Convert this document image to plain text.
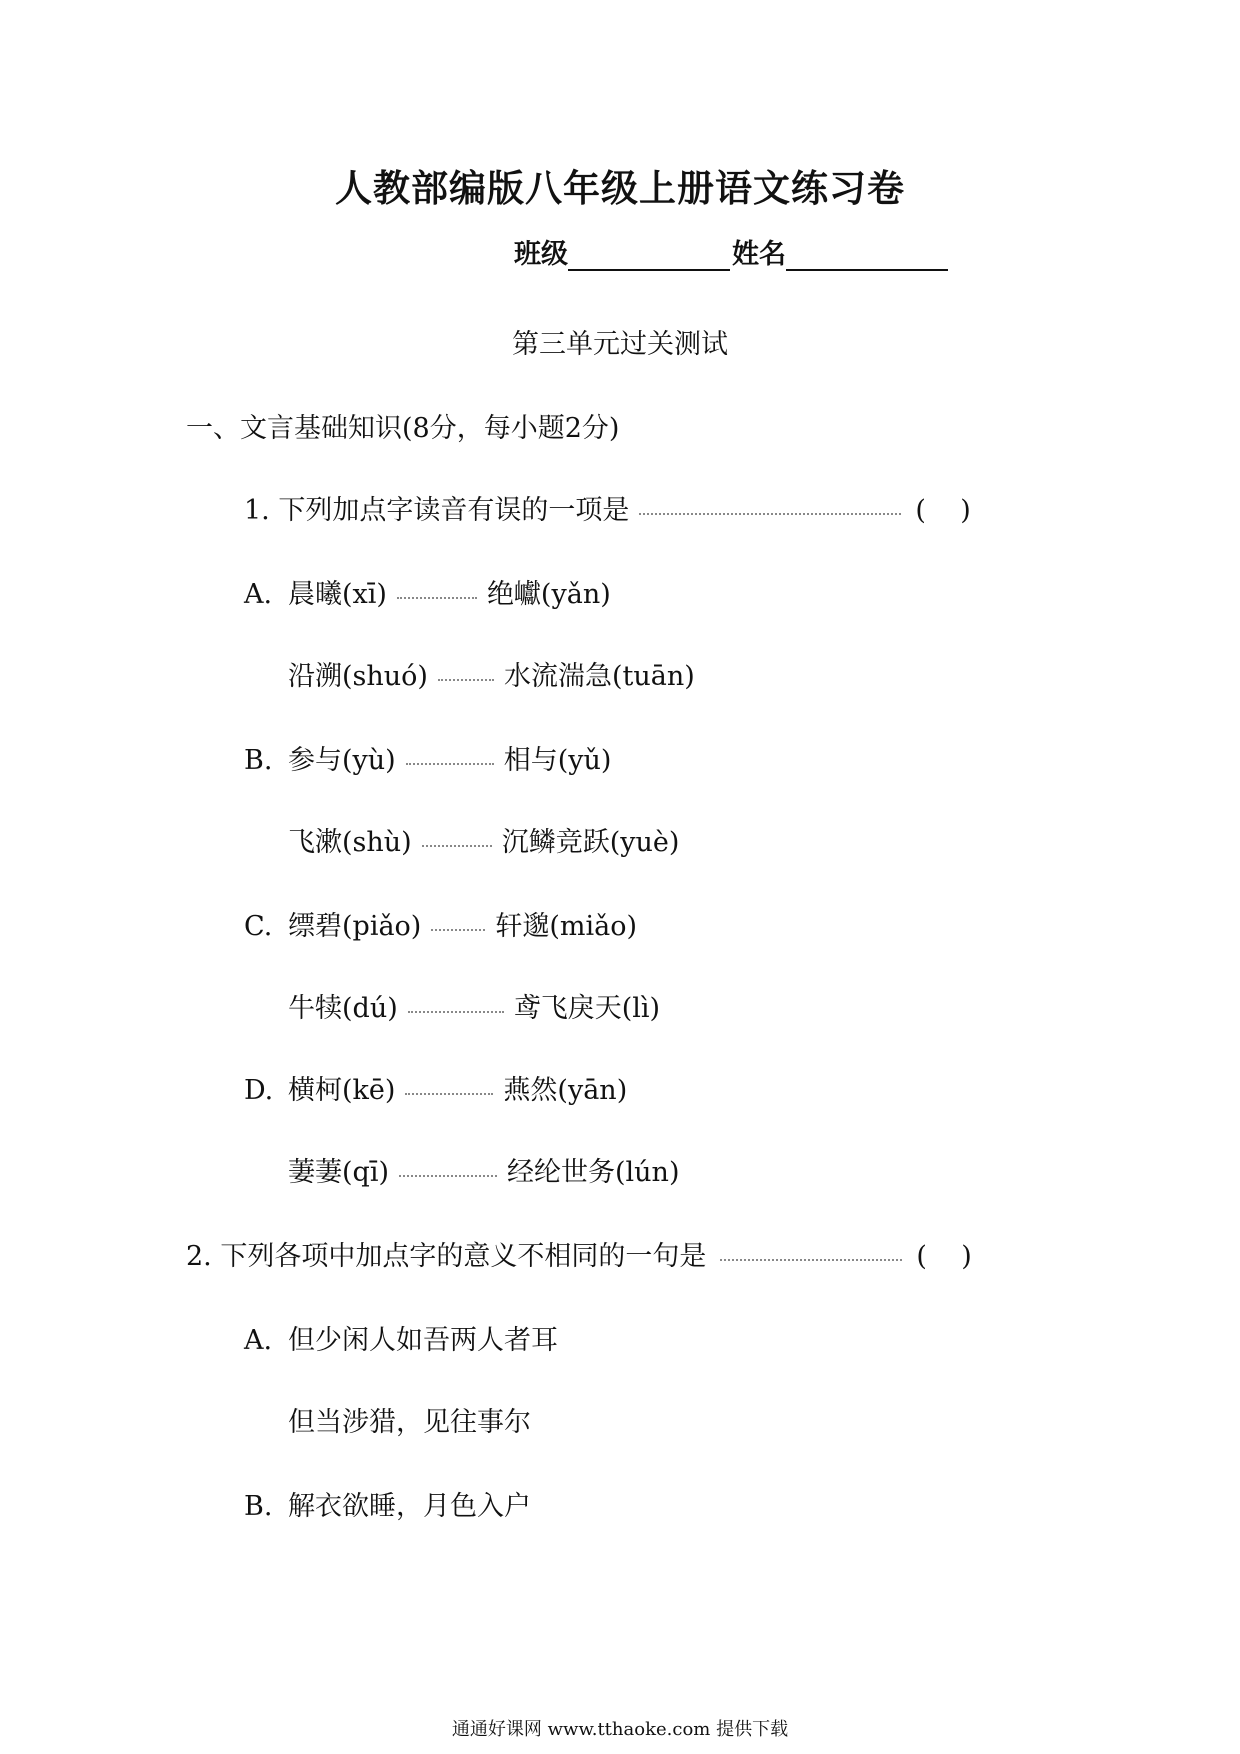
人教部编版八年级上册语文练习卷
班级	姓名
第三单元过关测试
一、文言基础知识(8分，每小题2分)
1. 下列加点字读音有误的一项是	(    )
A. 晨曦(xī)	绝巘(yǎn)
沿溯(shuó)	水流湍急(tuān)
B. 参与(yù)	相与(yǔ)
飞漱(shù)	沉鳞竞跃(yuè)
C. 缥碧(piǎo)	轩邈(miǎo)
牛犊(dú)	鸢飞戾天(lì)
D. 横柯(kē)	燕然(yān)
萋萋(qī)	经纶世务(lún)
2. 下列各项中加点字的意义不相同的一句是	(    )
A. 但少闲人如吾两人者耳
但当涉猎，见往事尔
B. 解衣欲睡，月色入户
通通好课网 www.tthaoke.com 提供下载
